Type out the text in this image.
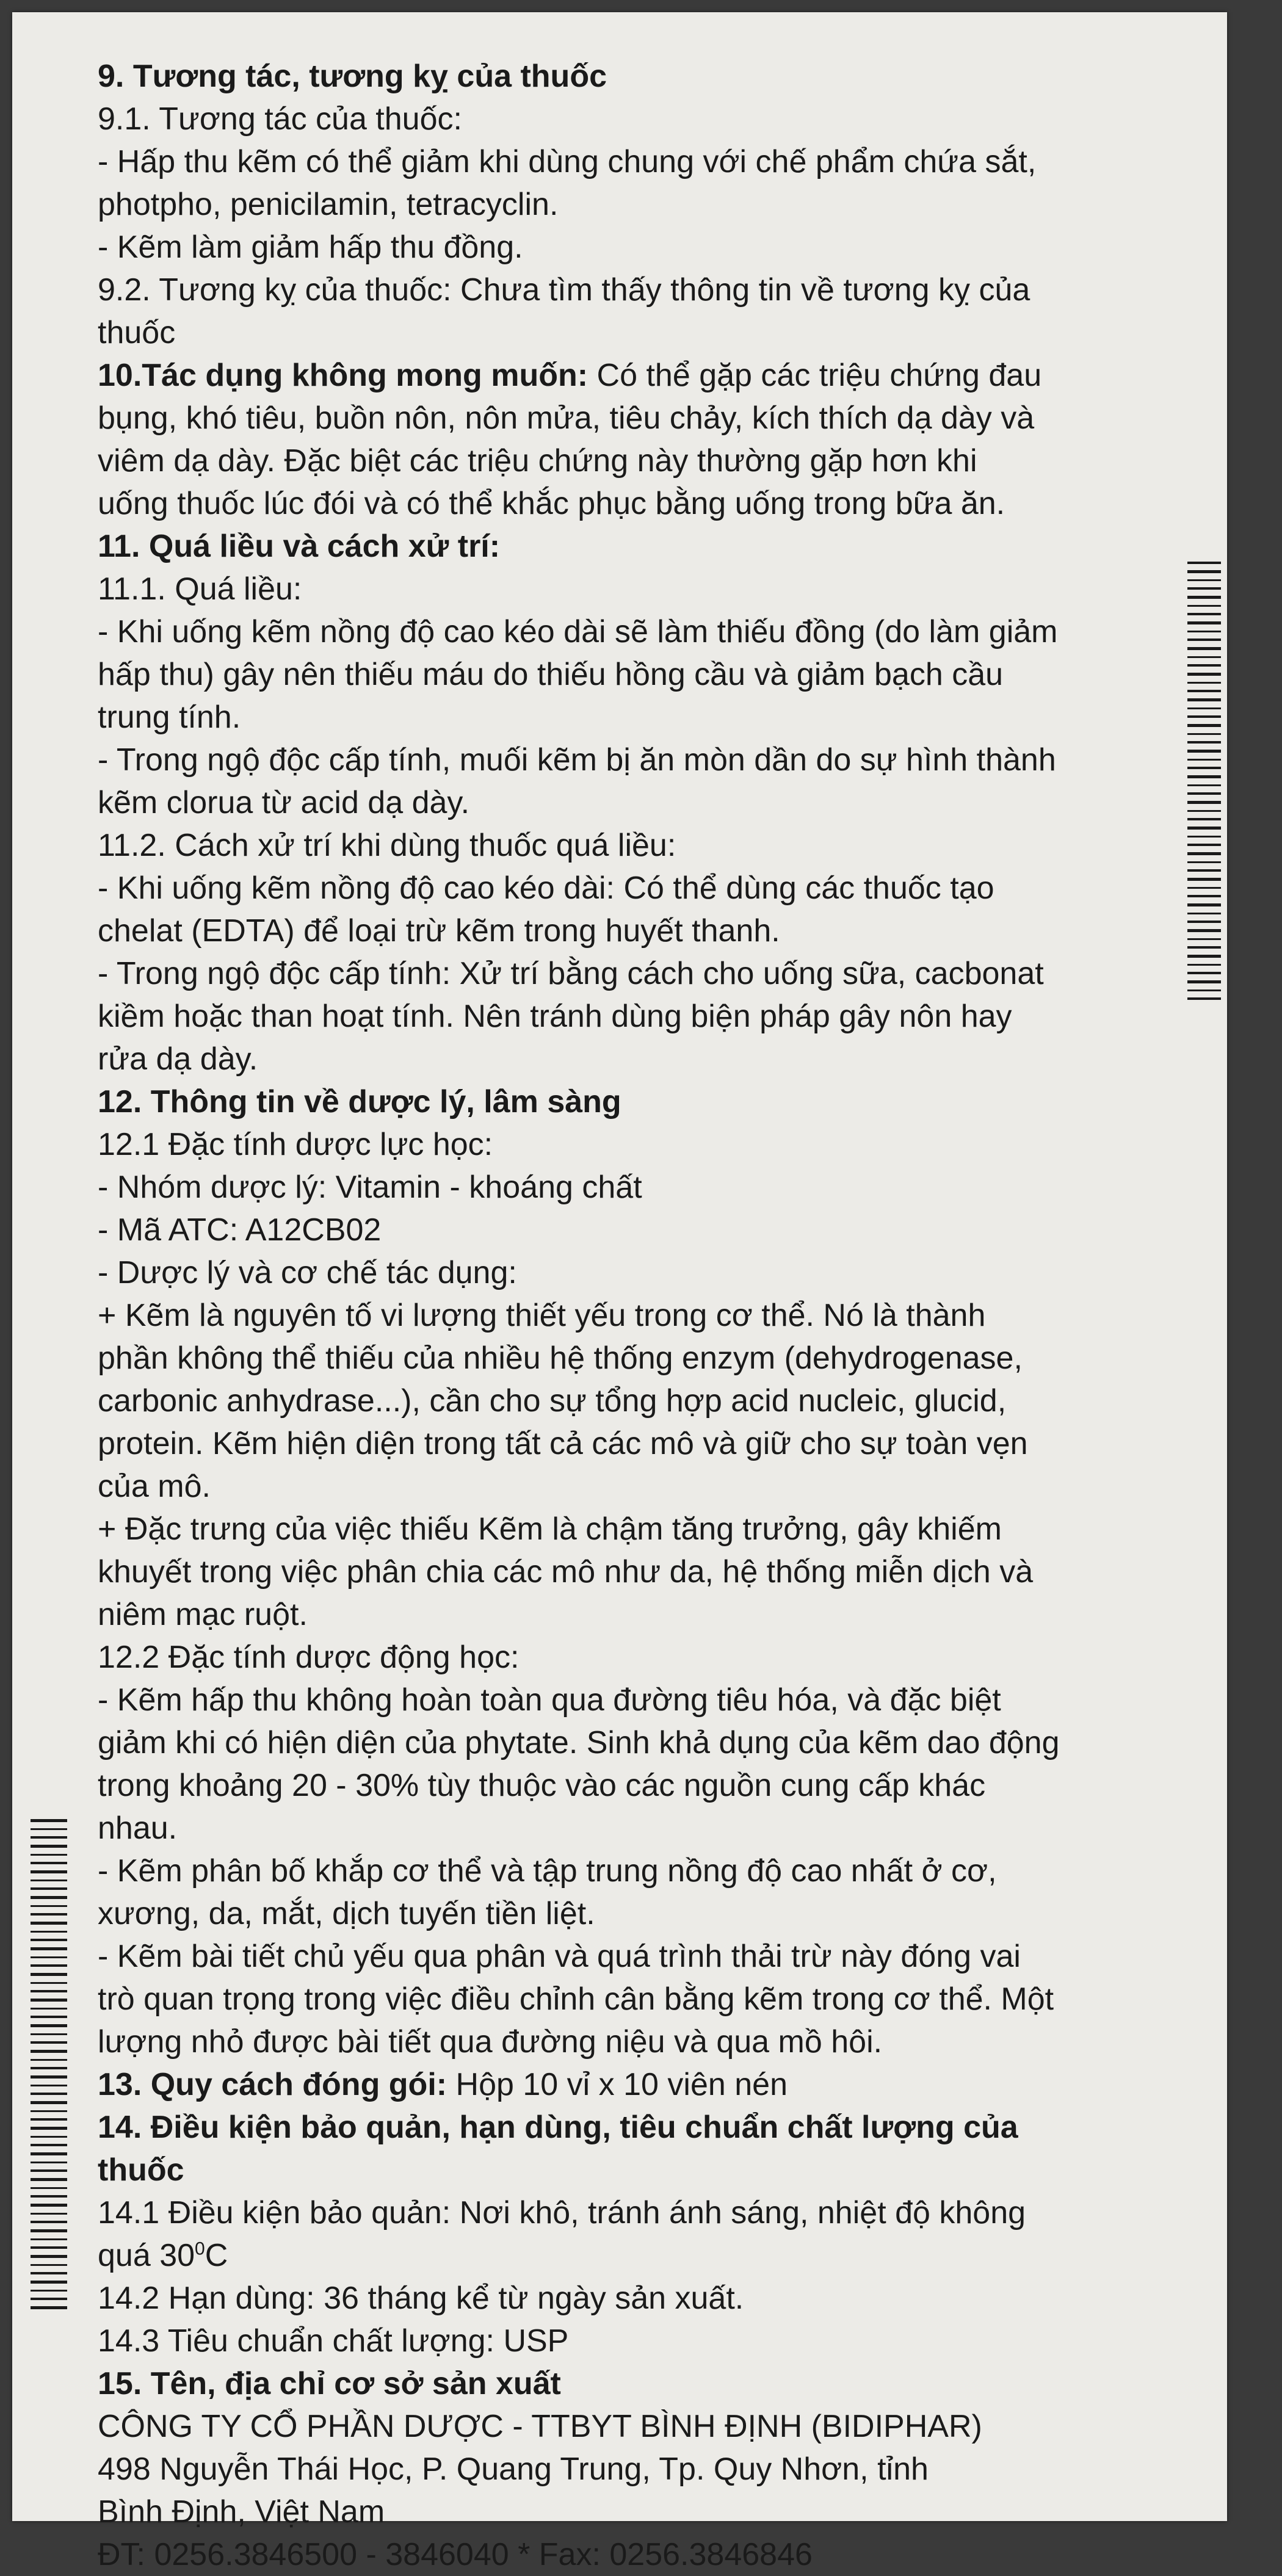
9. Tương tác, tương kỵ của thuốc

9.1. Tương tác của thuốc:

- Hấp thu kẽm có thể giảm khi dùng chung với chế phẩm chứa sắt,

photpho, penicilamin, tetracyclin.

- Kẽm làm giảm hấp thu đồng.

9.2. Tương kỵ của thuốc: Chưa tìm thấy thông tin về tương kỵ của

thuốc

10.Tác dụng không mong muốn: Có thể gặp các triệu chứng đau

bụng, khó tiêu, buồn nôn, nôn mửa, tiêu chảy, kích thích dạ dày và

viêm dạ dày. Đặc biệt các triệu chứng này thường gặp hơn khi

uống thuốc lúc đói và có thể khắc phục bằng uống trong bữa ăn.

11. Quá liều và cách xử trí:

11.1. Quá liều:

- Khi uống kẽm nồng độ cao kéo dài sẽ làm thiếu đồng (do làm giảm

hấp thu) gây nên thiếu máu do thiếu hồng cầu và giảm bạch cầu

trung tính.

- Trong ngộ độc cấp tính, muối kẽm bị ăn mòn dần do sự hình thành

kẽm clorua từ acid dạ dày.

11.2. Cách xử trí khi dùng thuốc quá liều:

- Khi uống kẽm nồng độ cao kéo dài: Có thể dùng các thuốc tạo

chelat (EDTA) để loại trừ kẽm trong huyết thanh.

- Trong ngộ độc cấp tính: Xử trí bằng cách cho uống sữa, cacbonat

kiềm hoặc than hoạt tính. Nên tránh dùng biện pháp gây nôn hay

rửa dạ dày.

12. Thông tin về dược lý, lâm sàng

12.1 Đặc tính dược lực học:

- Nhóm dược lý: Vitamin - khoáng chất

- Mã ATC: A12CB02

- Dược lý và cơ chế tác dụng:

+ Kẽm là nguyên tố vi lượng thiết yếu trong cơ thể. Nó là thành

phần không thể thiếu của nhiều hệ thống enzym (dehydrogenase,

carbonic anhydrase...), cần cho sự tổng hợp acid nucleic, glucid,

protein. Kẽm hiện diện trong tất cả các mô và giữ cho sự toàn vẹn

của mô.

+ Đặc trưng của việc thiếu Kẽm là chậm tăng trưởng, gây khiếm

khuyết trong việc phân chia các mô như da, hệ thống miễn dịch và

niêm mạc ruột.

12.2 Đặc tính dược động học:

- Kẽm hấp thu không hoàn toàn qua đường tiêu hóa, và đặc biệt

giảm khi có hiện diện của phytate. Sinh khả dụng của kẽm dao động

trong khoảng 20 - 30% tùy thuộc vào các nguồn cung cấp khác

nhau.

- Kẽm phân bố khắp cơ thể và tập trung nồng độ cao nhất ở cơ,

xương, da, mắt, dịch tuyến tiền liệt.

- Kẽm bài tiết chủ yếu qua phân và quá trình thải trừ này đóng vai

trò quan trọng trong việc điều chỉnh cân bằng kẽm trong cơ thể. Một

lượng nhỏ được bài tiết qua đường niệu và qua mồ hôi.

13. Quy cách đóng gói: Hộp 10 vỉ x 10 viên nén

14. Điều kiện bảo quản, hạn dùng, tiêu chuẩn chất lượng của

thuốc

14.1 Điều kiện bảo quản: Nơi khô, tránh ánh sáng, nhiệt độ không

quá $30^0C$

14.2 Hạn dùng: 36 tháng kể từ ngày sản xuất.

14.3 Tiêu chuẩn chất lượng: USP

15. Tên, địa chỉ cơ sở sản xuất

CÔNG TY CỔ PHẦN DƯỢC - TTBYT BÌNH ĐỊNH (BIDIPHAR)

498 Nguyễn Thái Học, P. Quang Trung, Tp. Quy Nhơn, tỉnh

Bình Định, Việt Nam

ĐT: 0256.3846500 - 3846040 * Fax: 0256.3846846
